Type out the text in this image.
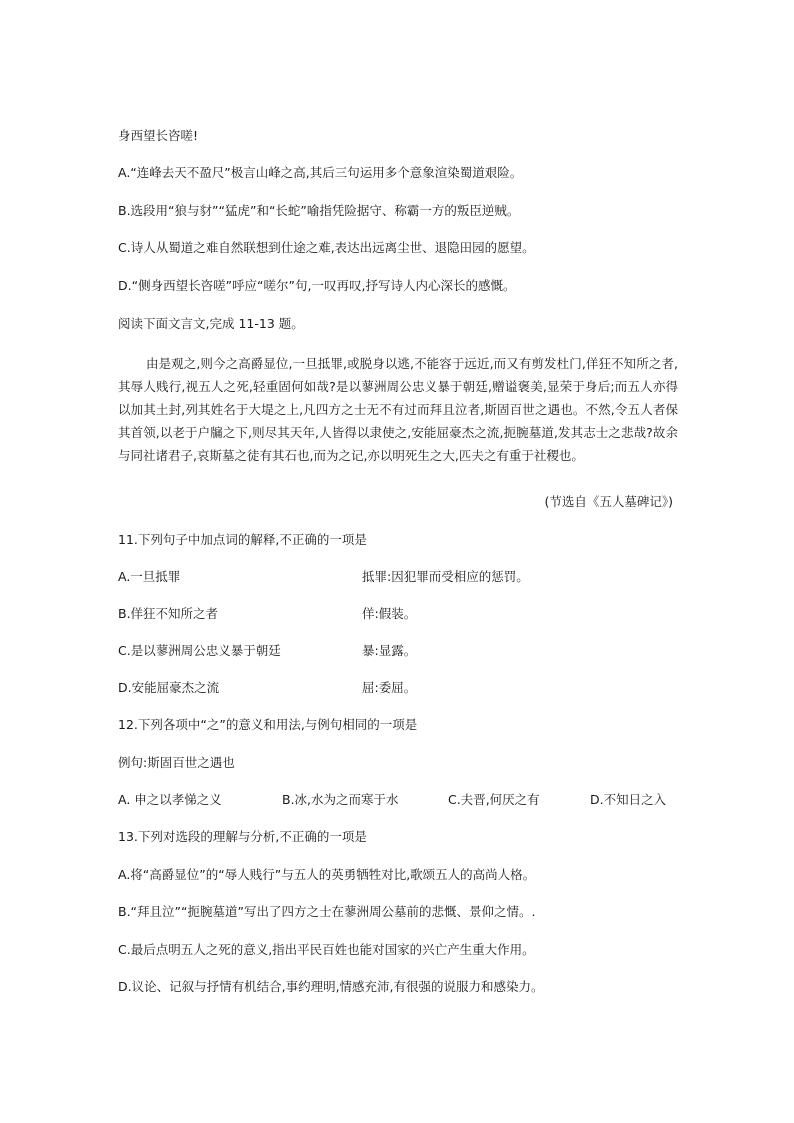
身西望长咨嗟!
A.“连峰去天不盈尺”极言山峰之高,其后三句运用多个意象渲染蜀道艰险。
B.选段用“狼与豺”“猛虎”和“长蛇”喻指凭险据守、称霸一方的叛臣逆贼。
C.诗人从蜀道之难自然联想到仕途之难,表达出远离尘世、退隐田园的愿望。
D.“侧身西望长咨嗟”呼应“嗟尔”句,一叹再叹,抒写诗人内心深长的感慨。
阅读下面文言文,完成 11-13 题。
由是观之,则今之高爵显位,一旦抵罪,或脱身以逃,不能容于远近,而又有剪发杜门,佯狂不知所之者,其辱人贱行,视五人之死,轻重固何如哉?是以蓼洲周公忠义暴于朝廷,赠谥褒美,显荣于身后;而五人亦得以加其土封,列其姓名于大堤之上,凡四方之士无不有过而拜且泣者,斯固百世之遇也。不然,令五人者保其首领,以老于户牖之下,则尽其天年,人皆得以隶使之,安能屈豪杰之流,扼腕墓道,发其志士之悲哉?故余与同社诸君子,哀斯墓之徒有其石也,而为之记,亦以明死生之大,匹夫之有重于社稷也。
(节选自《五人墓碑记》)
11.下列句子中加点词的解释,不正确的一项是
A.一旦抵罪	抵罪:因犯罪而受相应的惩罚。
B.佯狂不知所之者	佯:假装。
C.是以蓼洲周公忠义暴于朝廷	暴:显露。
D.安能屈豪杰之流	屈:委屈。
12.下列各项中“之”的意义和用法,与例句相同的一项是
例句:斯固百世之遇也
A. 申之以孝悌之义	B.冰,水为之而寒于水	C.夫晋,何厌之有	D.不知日之入
13.下列对选段的理解与分析,不正确的一项是
A.将“高爵显位”的“辱人贱行”与五人的英勇牺牲对比,歌颂五人的高尚人格。
B.“拜且泣”“扼腕墓道”写出了四方之士在蓼洲周公墓前的悲慨、景仰之情。.
C.最后点明五人之死的意义,指出平民百姓也能对国家的兴亡产生重大作用。
D.议论、记叙与抒情有机结合,事约理明,情感充沛,有很强的说服力和感染力。
